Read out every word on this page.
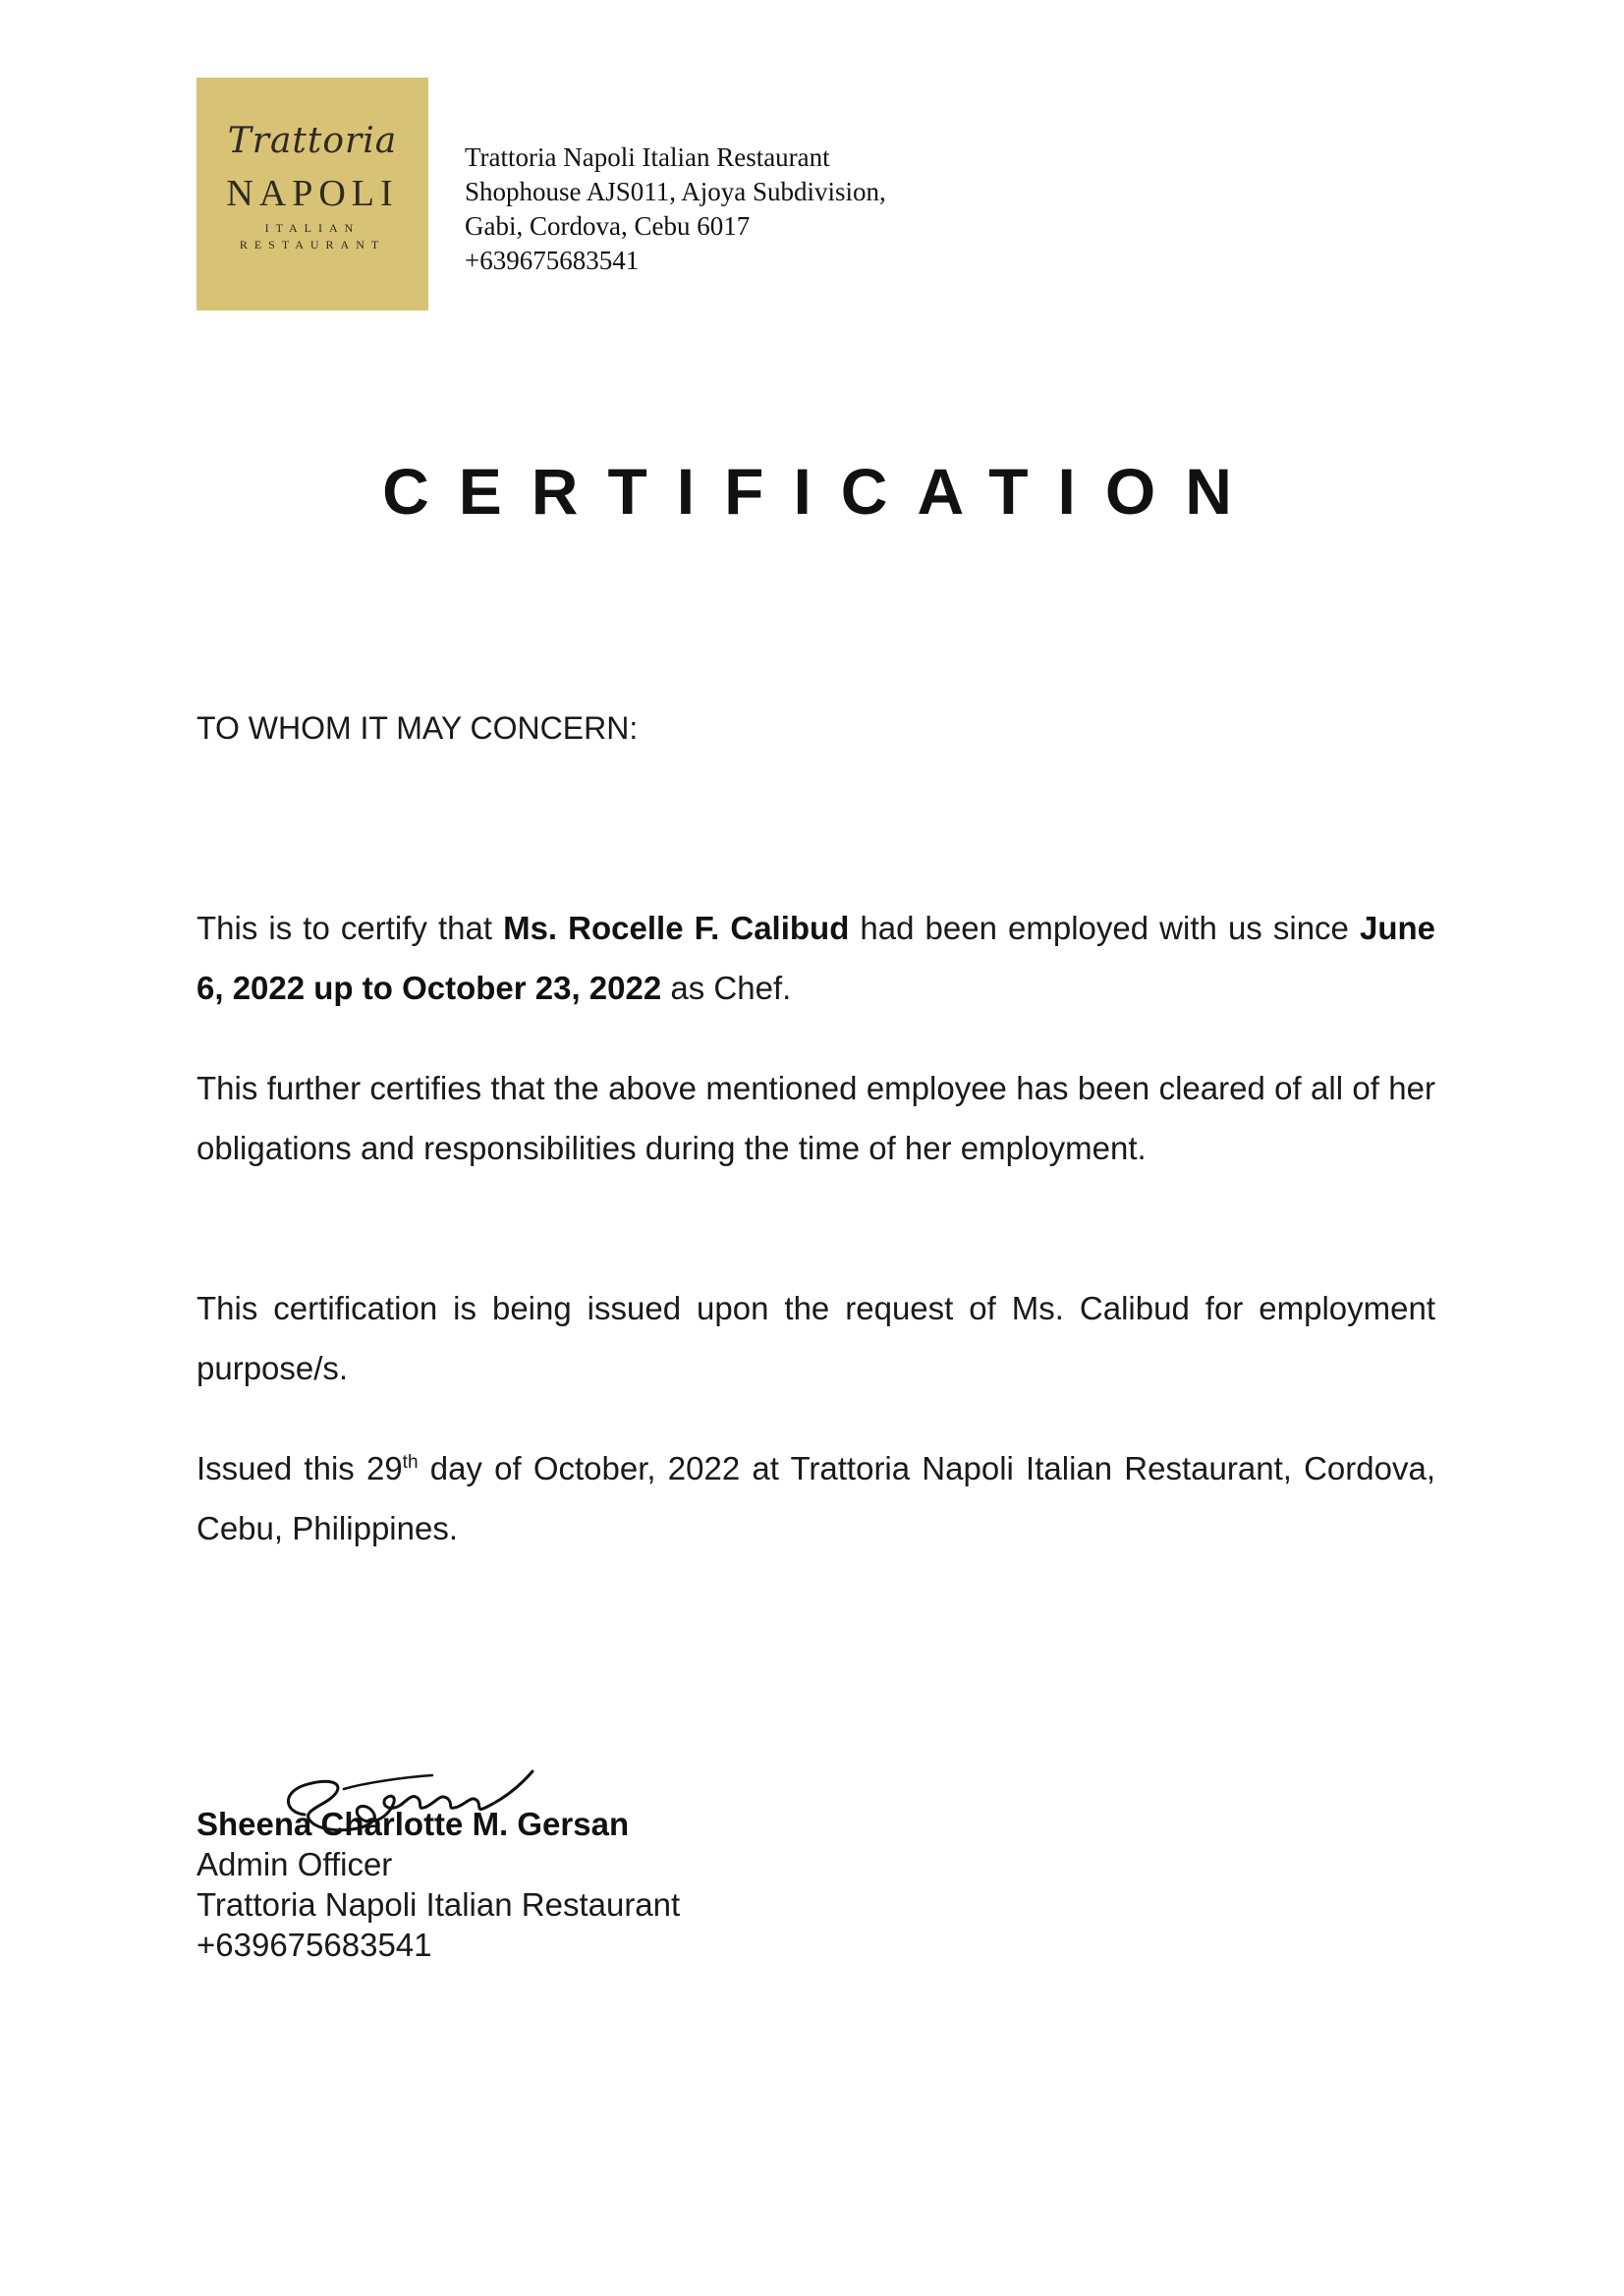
Trattoria
NAPOLI
ITALIAN
RESTAURANT
Trattoria Napoli Italian Restaurant
Shophouse AJS011, Ajoya Subdivision,
Gabi, Cordova, Cebu 6017
+639675683541
CERTIFICATION
TO WHOM IT MAY CONCERN:
This is to certify that Ms. Rocelle F. Calibud had been employed with us since June 6, 2022 up to October 23, 2022 as Chef.
This further certifies that the above mentioned employee has been cleared of all of her obligations and responsibilities during the time of her employment.
This certification is being issued upon the request of Ms. Calibud for employment purpose/s.
Issued this 29th day of October, 2022 at Trattoria Napoli Italian Restaurant, Cordova, Cebu, Philippines.
Sheena Charlotte M. Gersan
Admin Officer
Trattoria Napoli Italian Restaurant
+639675683541
